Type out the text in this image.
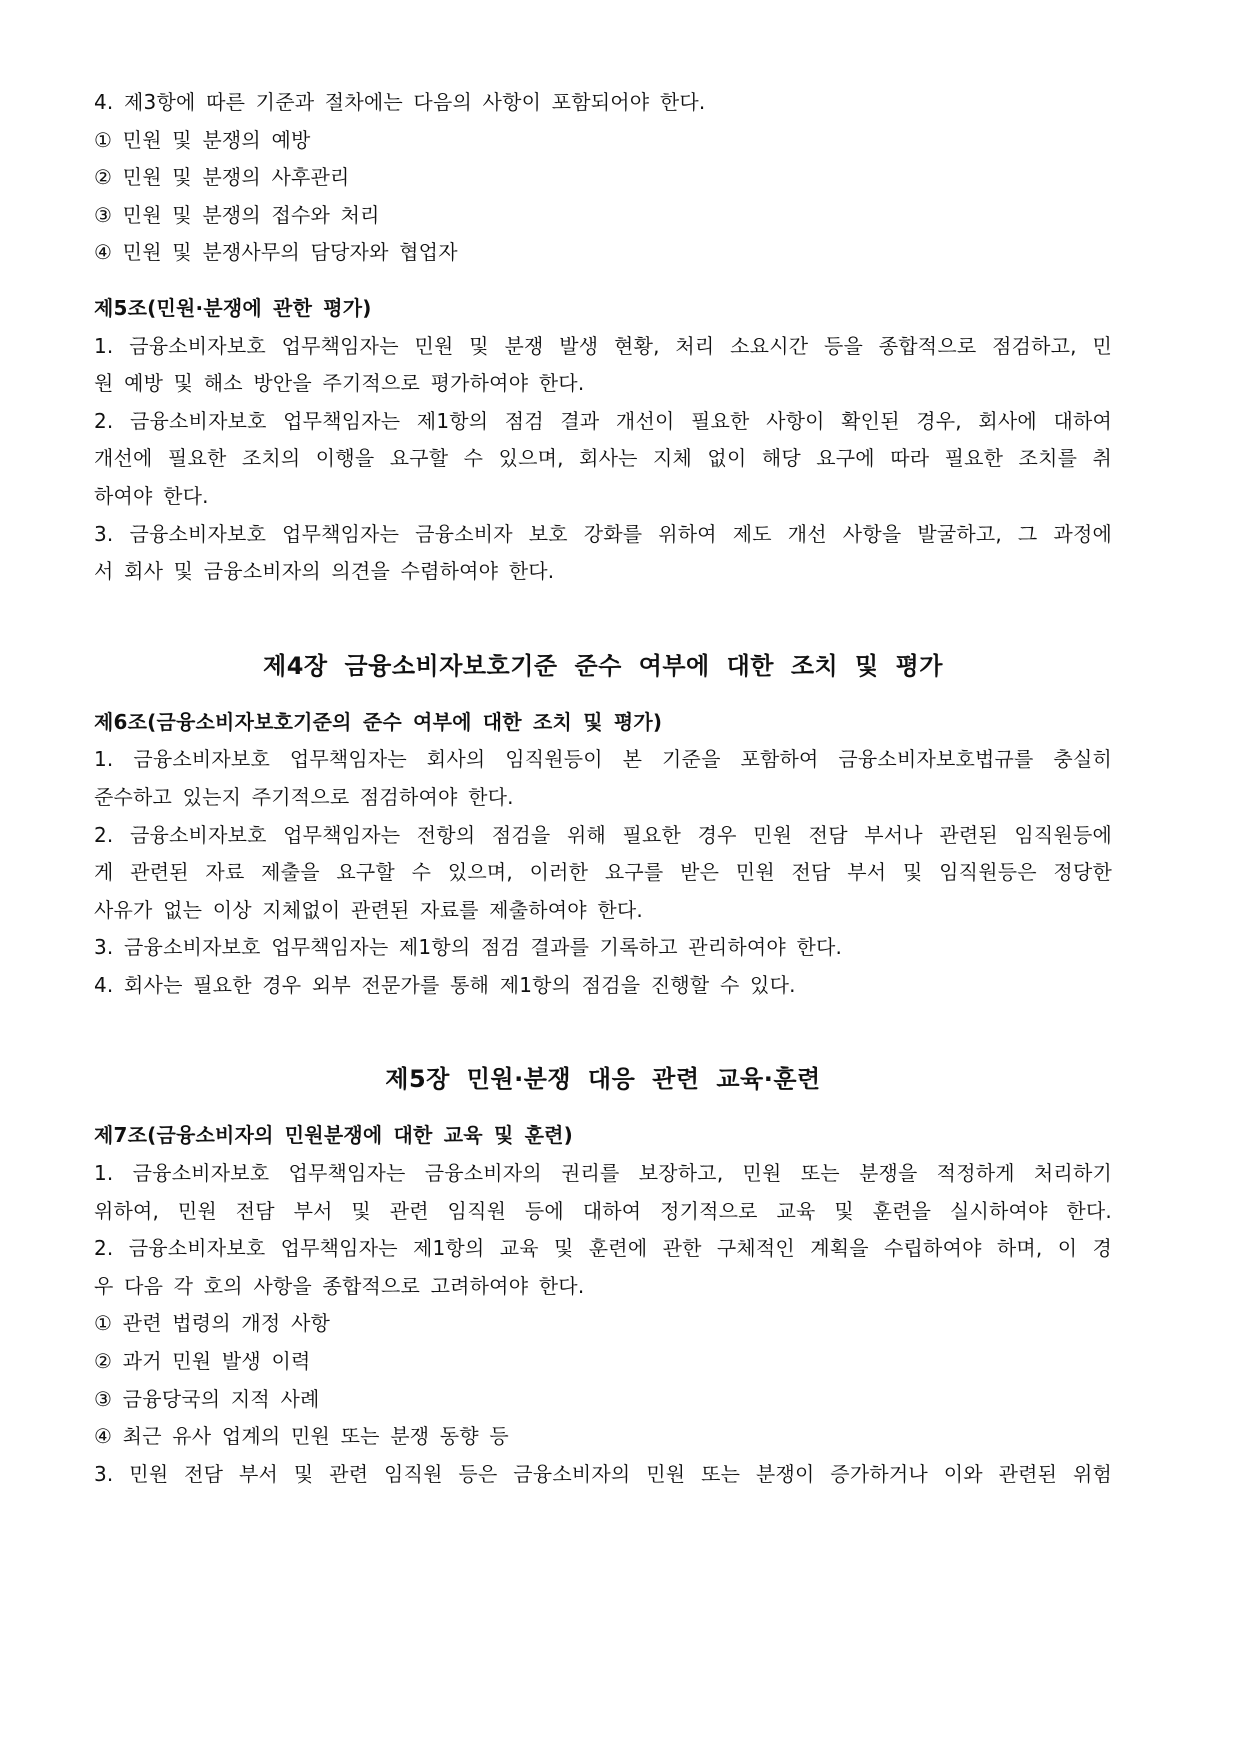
4. 제3항에 따른 기준과 절차에는 다음의 사항이 포함되어야 한다.
① 민원 및 분쟁의 예방
② 민원 및 분쟁의 사후관리
③ 민원 및 분쟁의 접수와 처리
④ 민원 및 분쟁사무의 담당자와 협업자
제5조(민원·분쟁에 관한 평가)
1. 금융소비자보호 업무책임자는 민원 및 분쟁 발생 현황, 처리 소요시간 등을 종합적으로 점검하고, 민
원 예방 및 해소 방안을 주기적으로 평가하여야 한다.
2. 금융소비자보호 업무책임자는 제1항의 점검 결과 개선이 필요한 사항이 확인된 경우, 회사에 대하여
개선에 필요한 조치의 이행을 요구할 수 있으며, 회사는 지체 없이 해당 요구에 따라 필요한 조치를 취
하여야 한다.
3. 금융소비자보호 업무책임자는 금융소비자 보호 강화를 위하여 제도 개선 사항을 발굴하고, 그 과정에
서 회사 및 금융소비자의 의견을 수렴하여야 한다.
제4장 금융소비자보호기준 준수 여부에 대한 조치 및 평가
제6조(금융소비자보호기준의 준수 여부에 대한 조치 및 평가)
1. 금융소비자보호 업무책임자는 회사의 임직원등이 본 기준을 포함하여 금융소비자보호법규를 충실히
준수하고 있는지 주기적으로 점검하여야 한다.
2. 금융소비자보호 업무책임자는 전항의 점검을 위해 필요한 경우 민원 전담 부서나 관련된 임직원등에
게 관련된 자료 제출을 요구할 수 있으며, 이러한 요구를 받은 민원 전담 부서 및 임직원등은 정당한
사유가 없는 이상 지체없이 관련된 자료를 제출하여야 한다.
3. 금융소비자보호 업무책임자는 제1항의 점검 결과를 기록하고 관리하여야 한다.
4. 회사는 필요한 경우 외부 전문가를 통해 제1항의 점검을 진행할 수 있다.
제5장 민원·분쟁 대응 관련 교육·훈련
제7조(금융소비자의 민원분쟁에 대한 교육 및 훈련)
1. 금융소비자보호 업무책임자는 금융소비자의 권리를 보장하고, 민원 또는 분쟁을 적정하게 처리하기
위하여, 민원 전담 부서 및 관련 임직원 등에 대하여 정기적으로 교육 및 훈련을 실시하여야 한다.
2. 금융소비자보호 업무책임자는 제1항의 교육 및 훈련에 관한 구체적인 계획을 수립하여야 하며, 이 경
우 다음 각 호의 사항을 종합적으로 고려하여야 한다.
① 관련 법령의 개정 사항
② 과거 민원 발생 이력
③ 금융당국의 지적 사례
④ 최근 유사 업계의 민원 또는 분쟁 동향 등
3. 민원 전담 부서 및 관련 임직원 등은 금융소비자의 민원 또는 분쟁이 증가하거나 이와 관련된 위험
